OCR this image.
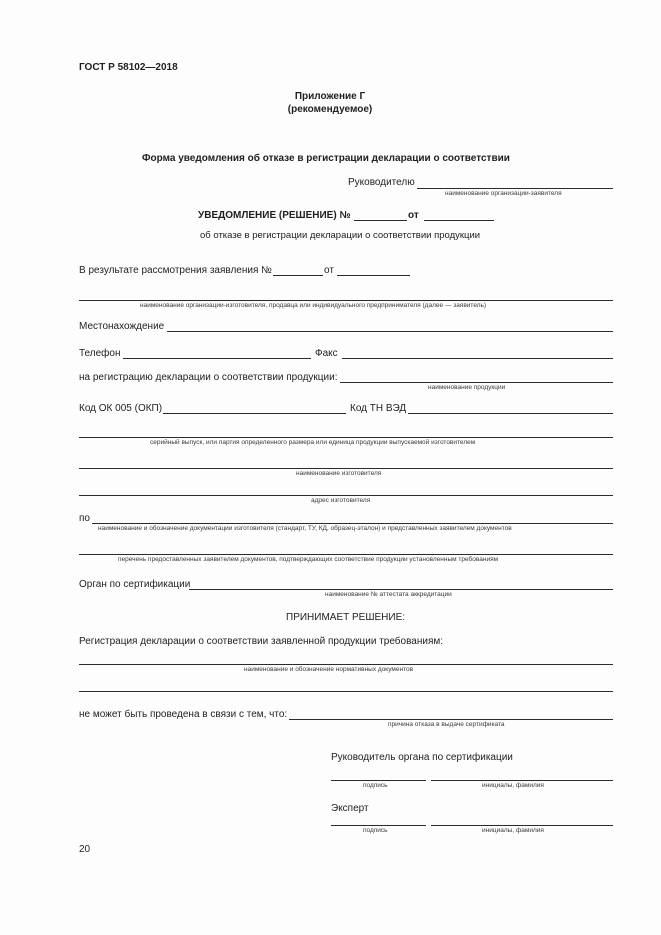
ГОСТ Р 58102—2018
Приложение Г
(рекомендуемое)
Форма уведомления об отказе в регистрации декларации о соответствии
Руководителю
наименование организации-заявителя
УВЕДОМЛЕНИЕ (РЕШЕНИЕ) №	от
об отказе в регистрации декларации о соответствии продукции
В результате рассмотрения заявления №	от
наименование организации-изготовителя, продавца или индивидуального предпринимателя (далее — заявитель)
Местонахождение
Телефон	Факс
на регистрацию декларации о соответствии продукции:
наименование продукции
Код ОК 005 (ОКП)	Код ТН ВЭД
серийный выпуск, или партия определенного размера или единица продукции выпускаемой изготовителем
наименование изготовителя
адрес изготовителя
по
наименование и обозначение документации изготовителя (стандарт, ТУ, КД, образец-эталон) и представленных заявителем документов
перечень предоставленных заявителем документов, подтверждающих соответствие продукции установленным требованиям
Орган по сертификации
наименование № аттестата аккредитации
ПРИНИМАЕТ РЕШЕНИЕ:
Регистрация декларации о соответствии заявленной продукции требованиям:
наименование и обозначение нормативных документов
не может быть проведена в связи с тем, что:
причина отказа в выдаче сертификата
Руководитель органа по сертификации
подпись	инициалы, фамилия
Эксперт
подпись	инициалы, фамилия
20
